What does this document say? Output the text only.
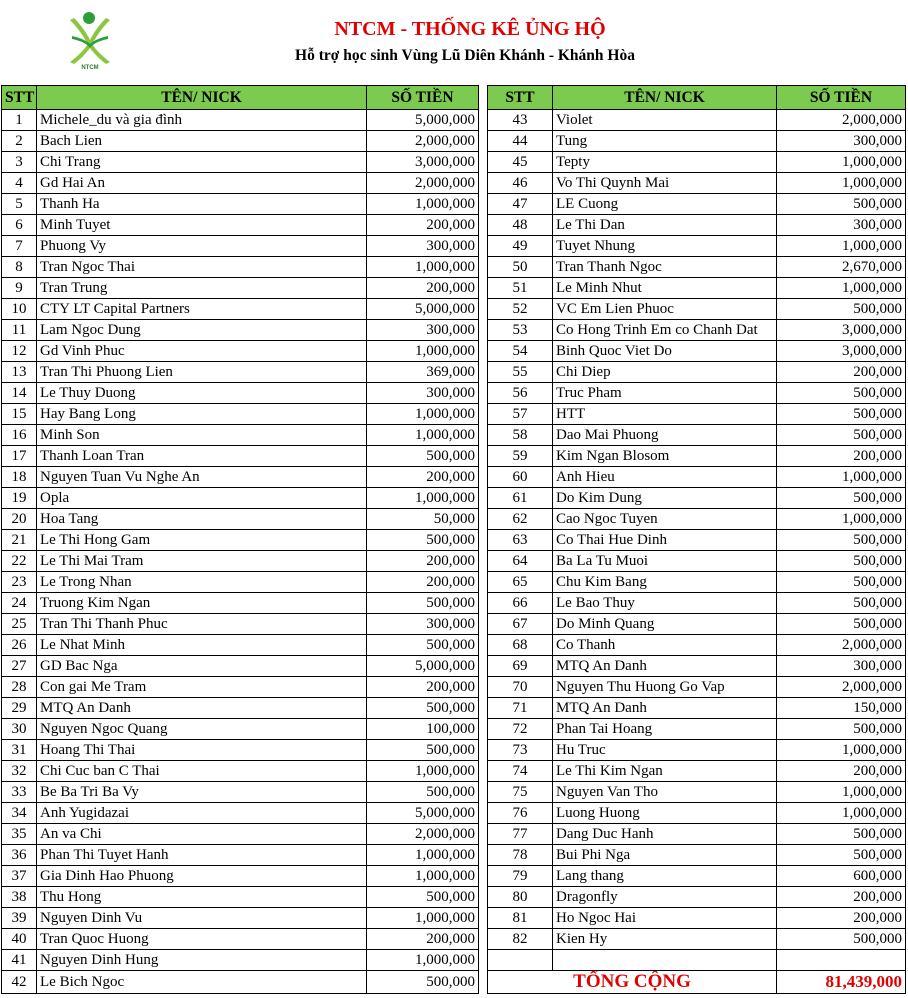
NTCM
NTCM - THỐNG KÊ ỦNG HỘ
Hỗ trợ học sinh Vùng Lũ Diên Khánh - Khánh Hòa
STT	TÊN/ NICK	SỐ TIỀN
1	Michele_du và gia đình	5,000,000
2	Bach Lien	2,000,000
3	Chi Trang	3,000,000
4	Gd Hai An	2,000,000
5	Thanh Ha	1,000,000
6	Minh Tuyet	200,000
7	Phuong Vy	300,000
8	Tran Ngoc Thai	1,000,000
9	Tran Trung	200,000
10	CTY LT Capital Partners	5,000,000
11	Lam Ngoc Dung	300,000
12	Gd Vinh Phuc	1,000,000
13	Tran Thi Phuong Lien	369,000
14	Le Thuy Duong	300,000
15	Hay Bang Long	1,000,000
16	Minh Son	1,000,000
17	Thanh Loan Tran	500,000
18	Nguyen Tuan Vu Nghe An	200,000
19	Opla	1,000,000
20	Hoa Tang	50,000
21	Le Thi Hong Gam	500,000
22	Le Thi Mai Tram	200,000
23	Le Trong Nhan	200,000
24	Truong Kim Ngan	500,000
25	Tran Thi Thanh Phuc	300,000
26	Le Nhat Minh	500,000
27	GD Bac Nga	5,000,000
28	Con gai Me Tram	200,000
29	MTQ An Danh	500,000
30	Nguyen Ngoc Quang	100,000
31	Hoang Thi Thai	500,000
32	Chi Cuc ban C Thai	1,000,000
33	Be Ba Tri Ba Vy	500,000
34	Anh Yugidazai	5,000,000
35	An va Chi	2,000,000
36	Phan Thi Tuyet Hanh	1,000,000
37	Gia Dinh Hao Phuong	1,000,000
38	Thu Hong	500,000
39	Nguyen Dinh Vu	1,000,000
40	Tran Quoc Huong	200,000
41	Nguyen Dinh Hung	1,000,000
42	Le Bich Ngoc	500,000
STT	TÊN/ NICK	SỐ TIỀN
43	Violet	2,000,000
44	Tung	300,000
45	Tepty	1,000,000
46	Vo Thi Quynh Mai	1,000,000
47	LE Cuong	500,000
48	Le Thi Dan	300,000
49	Tuyet Nhung	1,000,000
50	Tran Thanh Ngoc	2,670,000
51	Le Minh Nhut	1,000,000
52	VC Em Lien Phuoc	500,000
53	Co Hong Trinh Em co Chanh Dat	3,000,000
54	Binh Quoc Viet Do	3,000,000
55	Chi Diep	200,000
56	Truc Pham	500,000
57	HTT	500,000
58	Dao Mai Phuong	500,000
59	Kim Ngan Blosom	200,000
60	Anh Hieu	1,000,000
61	Do Kim Dung	500,000
62	Cao Ngoc Tuyen	1,000,000
63	Co Thai Hue Dinh	500,000
64	Ba La Tu Muoi	500,000
65	Chu Kim Bang	500,000
66	Le Bao Thuy	500,000
67	Do Minh Quang	500,000
68	Co Thanh	2,000,000
69	MTQ An Danh	300,000
70	Nguyen Thu Huong Go Vap	2,000,000
71	MTQ An Danh	150,000
72	Phan Tai Hoang	500,000
73	Hu Truc	1,000,000
74	Le Thi Kim Ngan	200,000
75	Nguyen Van Tho	1,000,000
76	Luong Huong	1,000,000
77	Dang Duc Hanh	500,000
78	Bui Phi Nga	500,000
79	Lang thang	600,000
80	Dragonfly	200,000
81	Ho Ngoc Hai	200,000
82	Kien Hy	500,000

TỔNG CỘNG		81,439,000
